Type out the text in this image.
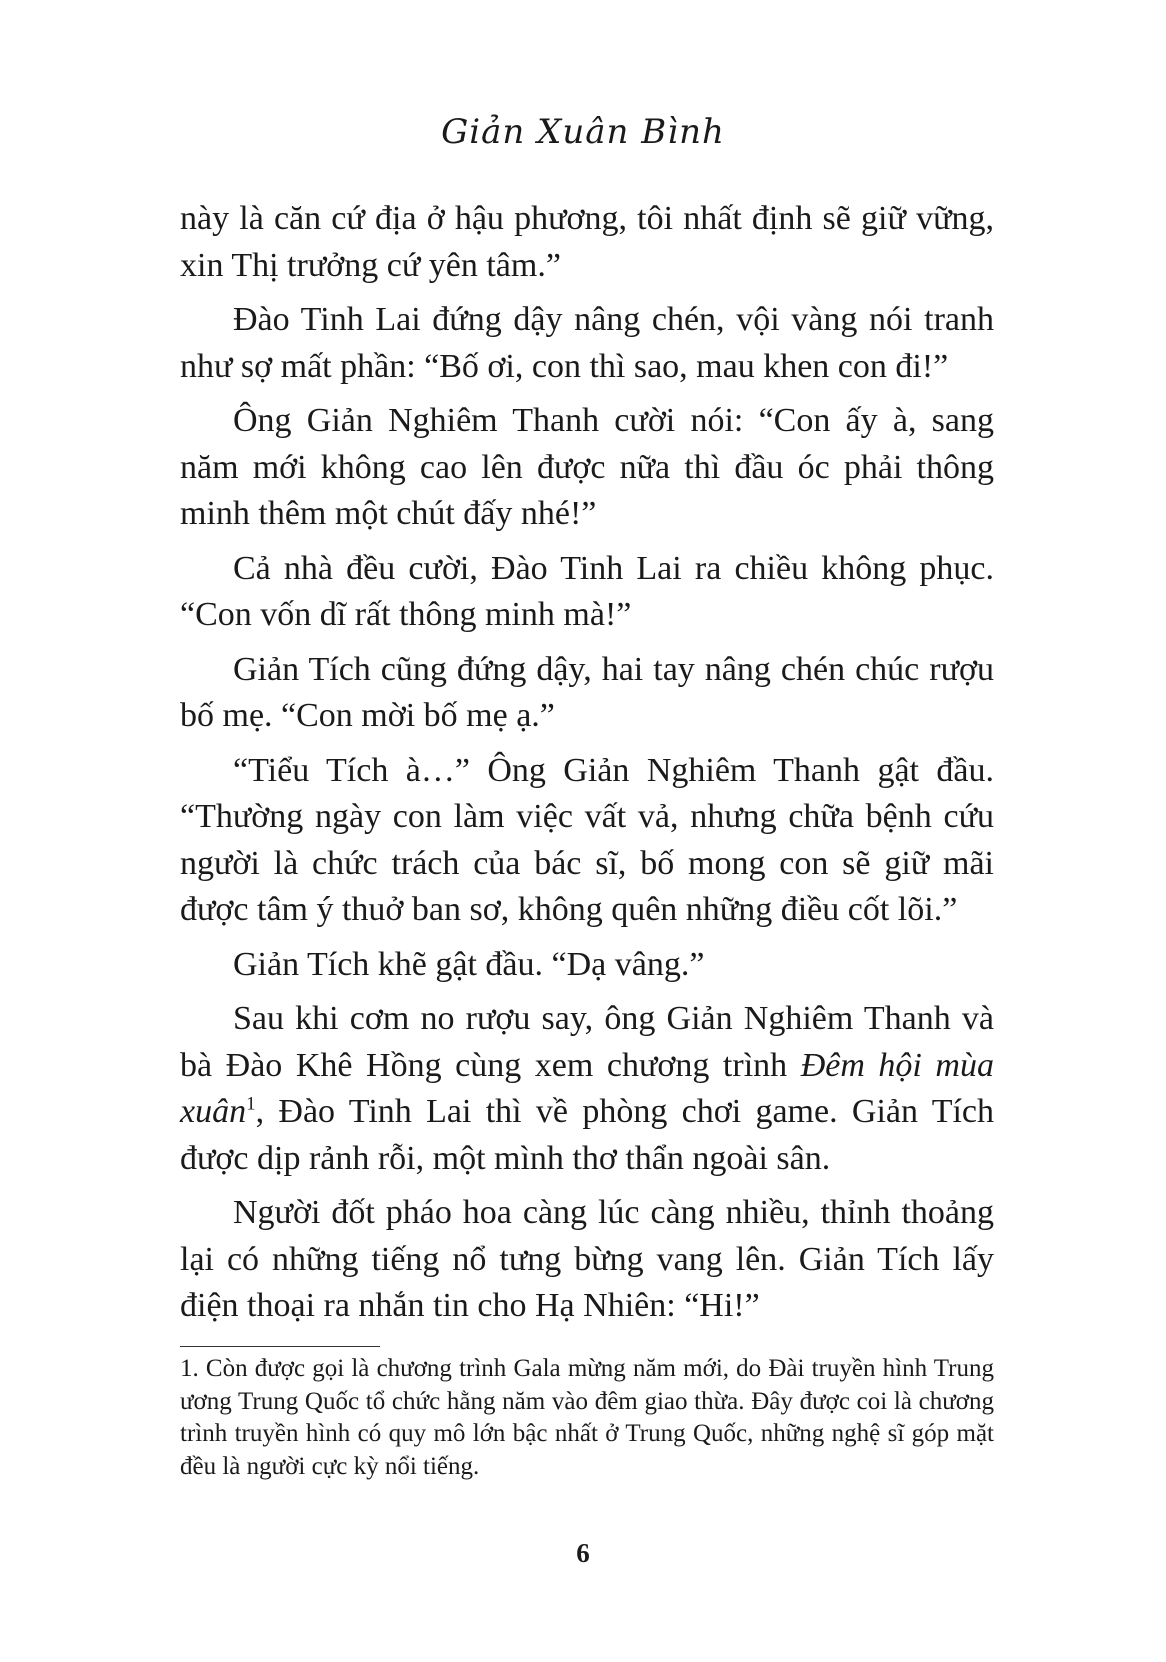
Giản Xuân Bình

này là căn cứ địa ở hậu phương, tôi nhất định sẽ giữ vững, xin Thị trưởng cứ yên tâm.”

Đào Tinh Lai đứng dậy nâng chén, vội vàng nói tranh như sợ mất phần: “Bố ơi, con thì sao, mau khen con đi!”

Ông Giản Nghiêm Thanh cười nói: “Con ấy à, sang năm mới không cao lên được nữa thì đầu óc phải thông minh thêm một chút đấy nhé!”

Cả nhà đều cười, Đào Tinh Lai ra chiều không phục. “Con vốn dĩ rất thông minh mà!”

Giản Tích cũng đứng dậy, hai tay nâng chén chúc rượu bố mẹ. “Con mời bố mẹ ạ.”

“Tiểu Tích à…” Ông Giản Nghiêm Thanh gật đầu. “Thường ngày con làm việc vất vả, nhưng chữa bệnh cứu người là chức trách của bác sĩ, bố mong con sẽ giữ mãi được tâm ý thuở ban sơ, không quên những điều cốt lõi.”

Giản Tích khẽ gật đầu. “Dạ vâng.”

Sau khi cơm no rượu say, ông Giản Nghiêm Thanh và bà Đào Khê Hồng cùng xem chương trình Đêm hội mùa xuân$^1$, Đào Tinh Lai thì về phòng chơi game. Giản Tích được dịp rảnh rỗi, một mình thơ thẩn ngoài sân.

Người đốt pháo hoa càng lúc càng nhiều, thỉnh thoảng lại có những tiếng nổ tưng bừng vang lên. Giản Tích lấy điện thoại ra nhắn tin cho Hạ Nhiên: “Hi!”

1. Còn được gọi là chương trình Gala mừng năm mới, do Đài truyền hình Trung ương Trung Quốc tổ chức hằng năm vào đêm giao thừa. Đây được coi là chương trình truyền hình có quy mô lớn bậc nhất ở Trung Quốc, những nghệ sĩ góp mặt đều là người cực kỳ nổi tiếng.

6
